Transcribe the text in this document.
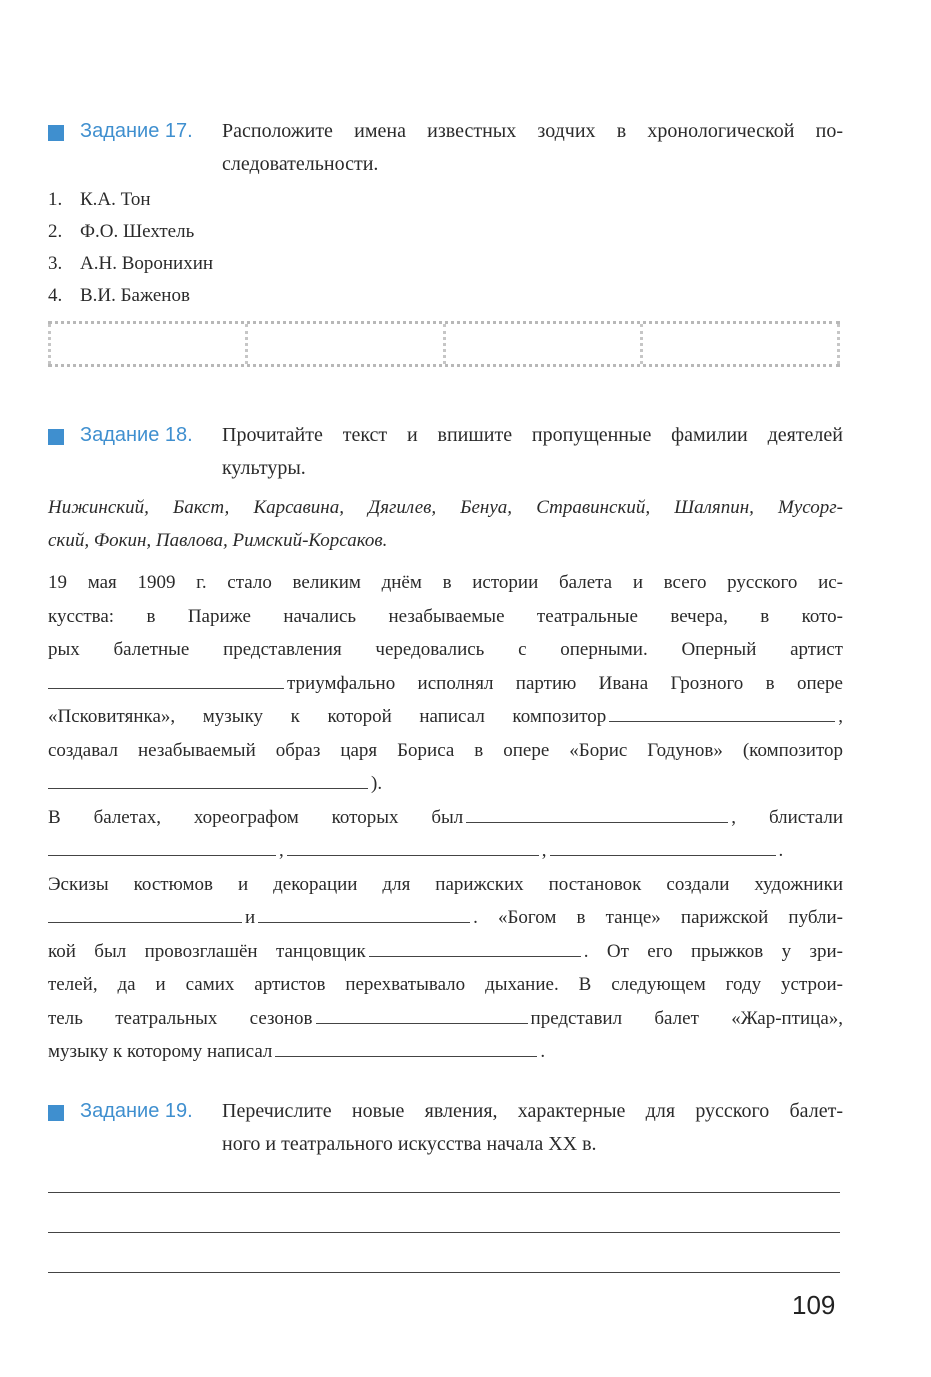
Задание 17. Расположите имена известных зодчих в хронологической по-
следовательности.
1. К.А. Тон
2. Ф.О. Шехтель
3. А.Н. Воронихин
4. В.И. Баженов
Задание 18. Прочитайте текст и впишите пропущенные фамилии деятелей
культуры.
Нижинский, Бакст, Карсавина, Дягилев, Бенуа, Стравинский, Шаляпин, Мусорг-
ский, Фокин, Павлова, Римский-Корсаков.
19 мая 1909 г. стало великим днём в истории балета и всего русского ис-
кусства: в Париже начались незабываемые театральные вечера, в кото-
рых балетные представления чередовались с оперными. Оперный артист
триумфально исполнял партию Ивана Грозного в опере
«Псковитянка», музыку к которой написал композитор	,
создавал незабываемый образ царя Бориса в опере «Борис Годунов» (композитор
).
В балетах, хореографом которых был	, блистали
,	,	.
Эскизы костюмов и декорации для парижских постановок создали художники
и	. «Богом в танце» парижской публи-
кой был провозглашён танцовщик	. От его прыжков у зри-
телей, да и самих артистов перехватывало дыхание. В следующем году устрои-
тель театральных сезонов	представил балет «Жар-птица»,
музыку к которому написал	.
Задание 19. Перечислите новые явления, характерные для русского балет-
ного и театрального искусства начала XX в.
109
